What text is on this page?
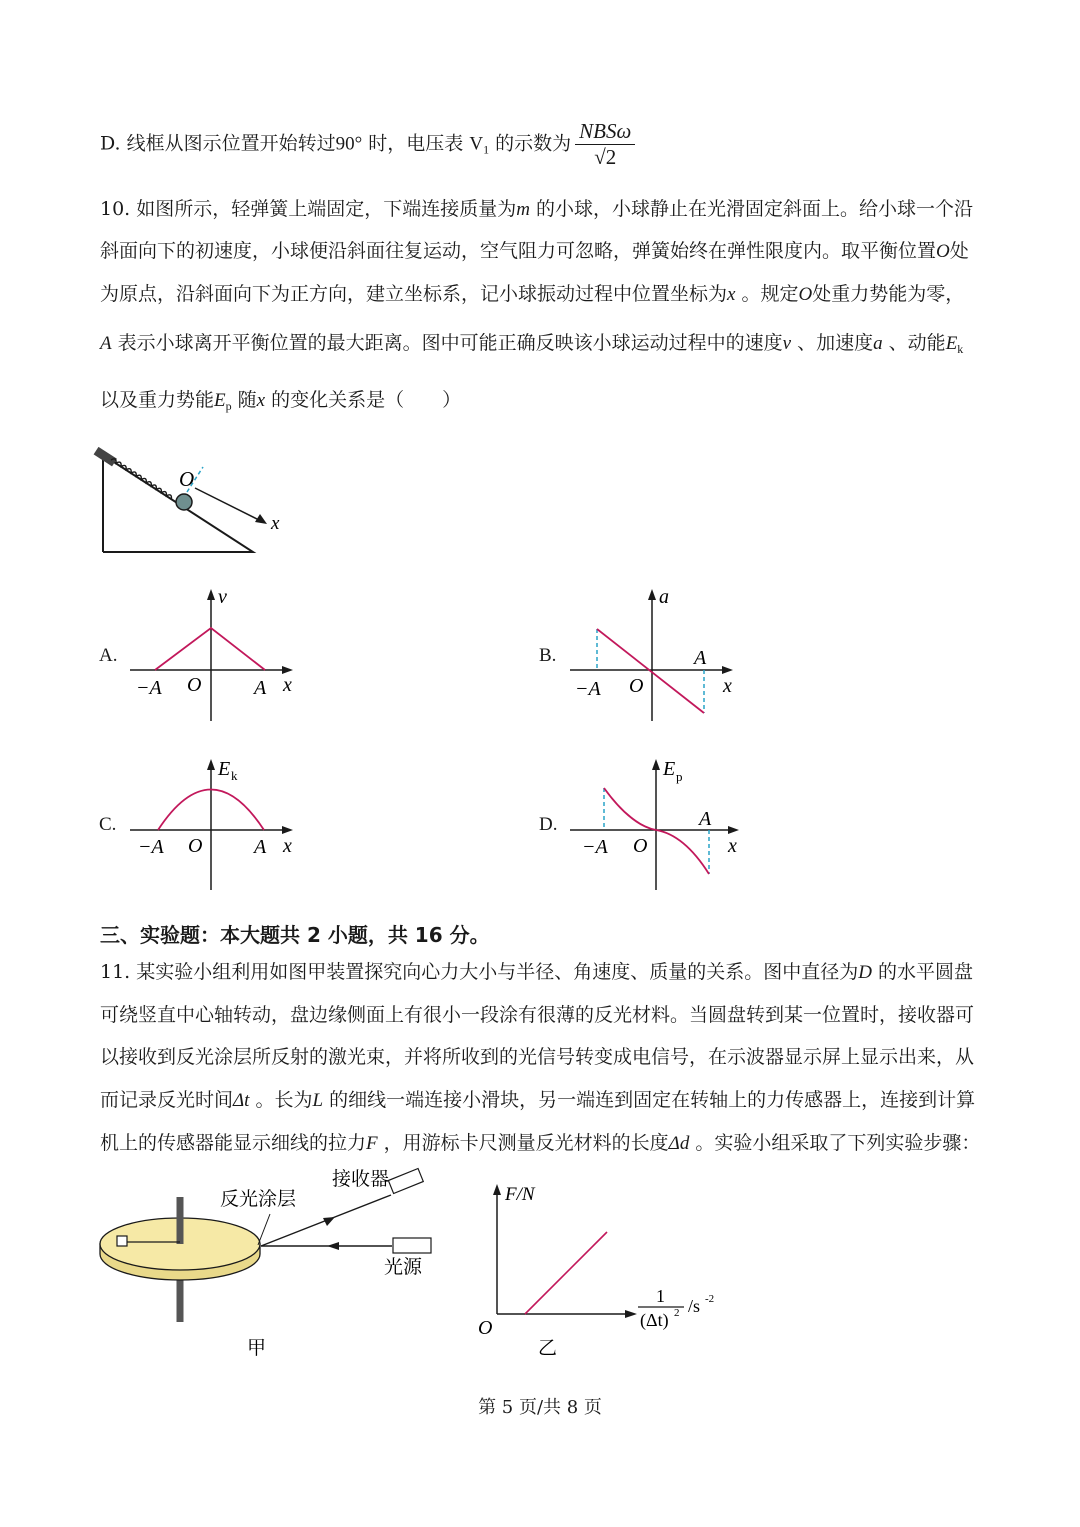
D. 线框从图示位置开始转过90° 时，电压表 $V_1$ 的示数为 $\frac{\text{NBSω}}{√2}$
10. 如图所示，轻弹簧上端固定，下端连接质量为m 的小球，小球静止在光滑固定斜面上。给小球一个沿
斜面向下的初速度，小球便沿斜面往复运动，空气阻力可忽略，弹簧始终在弹性限度内。取平衡位置O处
为原点，沿斜面向下为正方向，建立坐标系，记小球振动过程中位置坐标为x 。规定O处重力势能为零，
A 表示小球离开平衡位置的最大距离。图中可能正确反映该小球运动过程中的速度v 、加速度a 、动能$E_k$
以及重力势能$E_p$ 随x 的变化关系是（　　）
O
x
A.
v
−A O	A x
B.
a
−A O
A
x
C.
E k
−A O	A x
D.
E p
−A O
A
x
三、实验题：本大题共 2 小题，共 16 分。
11. 某实验小组利用如图甲装置探究向心力大小与半径、角速度、质量的关系。图中直径为D 的水平圆盘
可绕竖直中心轴转动，盘边缘侧面上有很小一段涂有很薄的反光材料。当圆盘转到某一位置时，接收器可
以接收到反光涂层所反射的激光束，并将所收到的光信号转变成电信号，在示波器显示屏上显示出来，从
而记录反光时间Δt 。长为L 的细线一端连接小滑块，另一端连到固定在转轴上的力传感器上，连接到计算
机上的传感器能显示细线的拉力F ，用游标卡尺测量反光材料的长度Δd 。实验小组采取了下列实验步骤：
反光涂层
接收器
光源
甲
F/N
O
1
(Δt) 2 /s -2
乙
第 5 页/共 8 页
